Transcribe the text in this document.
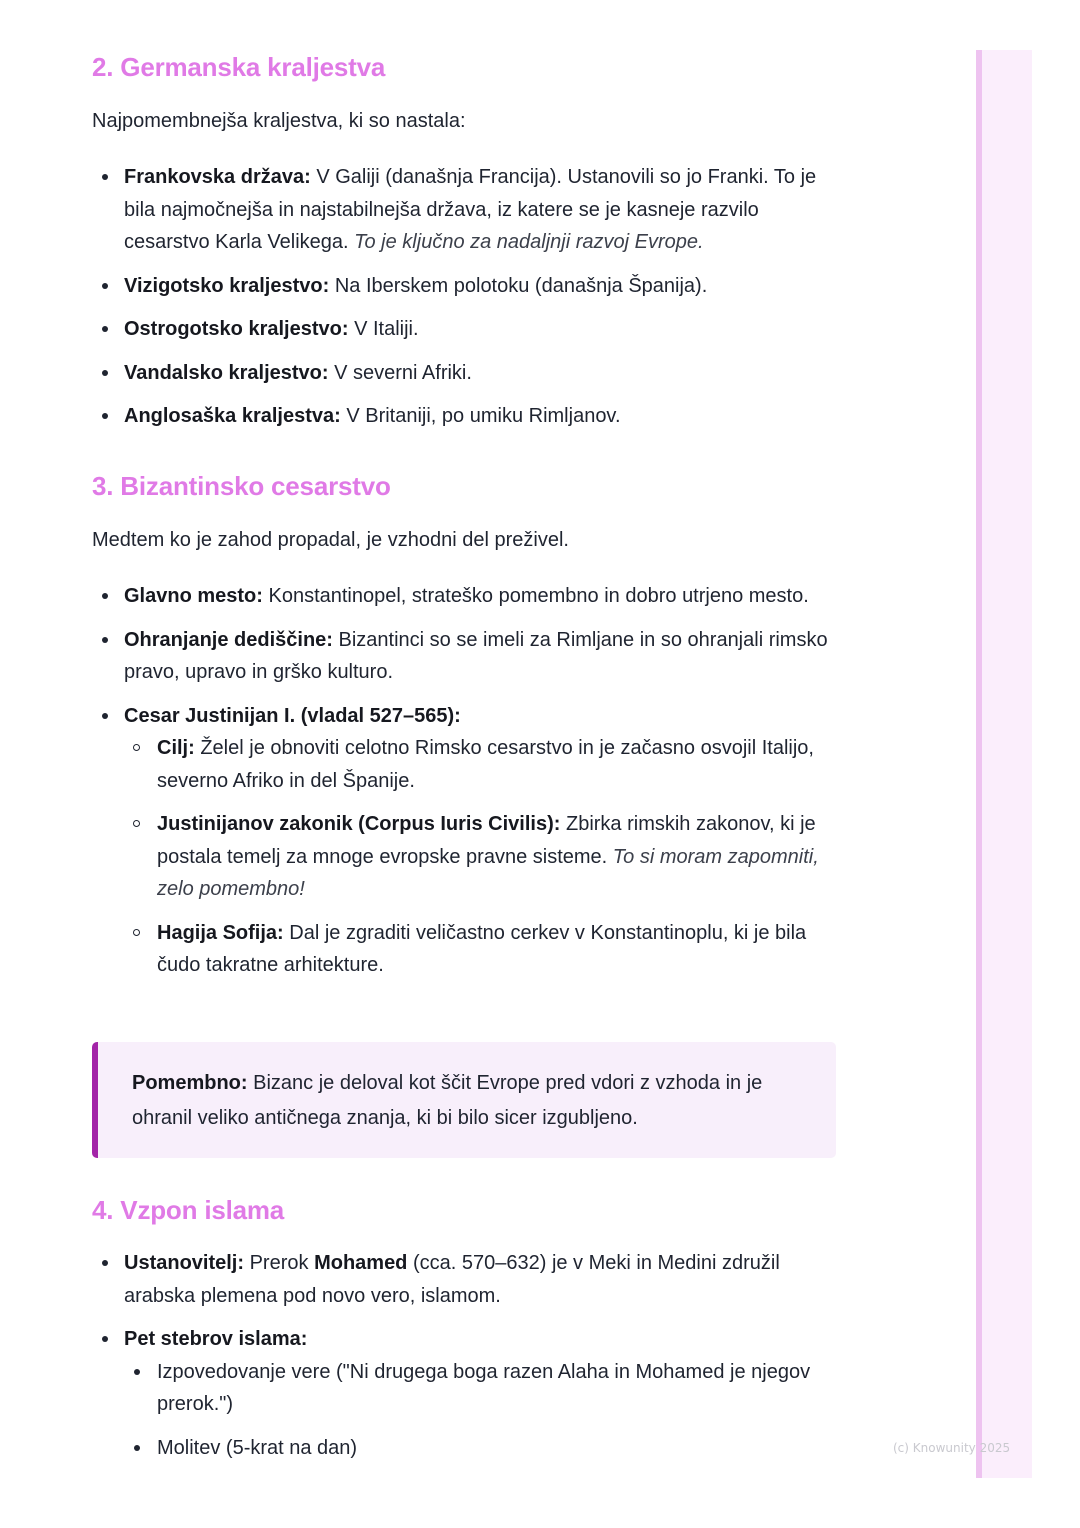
2. Germanska kraljestva

Najpomembnejša kraljestva, ki so nastala:

Frankovska država: V Galiji (današnja Francija). Ustanovili so jo Franki. To je bila najmočnejša in najstabilnejša država, iz katere se je kasneje razvilo cesarstvo Karla Velikega. To je ključno za nadaljnji razvoj Evrope.
Vizigotsko kraljestvo: Na Iberskem polotoku (današnja Španija).
Ostrogotsko kraljestvo: V Italiji.
Vandalsko kraljestvo: V severni Afriki.
Anglosaška kraljestva: V Britaniji, po umiku Rimljanov.
3. Bizantinsko cesarstvo

Medtem ko je zahod propadal, je vzhodni del preživel.

Glavno mesto: Konstantinopel, strateško pomembno in dobro utrjeno mesto.
Ohranjanje dediščine: Bizantinci so se imeli za Rimljane in so ohranjali rimsko pravo, upravo in grško kulturo.
Cesar Justinijan I. (vladal 527–565):
Cilj: Želel je obnoviti celotno Rimsko cesarstvo in je začasno osvojil Italijo, severno Afriko in del Španije.
Justinijanov zakonik (Corpus Iuris Civilis): Zbirka rimskih zakonov, ki je postala temelj za mnoge evropske pravne sisteme. To si moram zapomniti, zelo pomembno!
Hagija Sofija: Dal je zgraditi veličastno cerkev v Konstantinoplu, ki je bila čudo takratne arhitekture.
Pomembno: Bizanc je deloval kot ščit Evrope pred vdori z vzhoda in je ohranil veliko antičnega znanja, ki bi bilo sicer izgubljeno.
4. Vzpon islama
Ustanovitelj: Prerok Mohamed (cca. 570–632) je v Meki in Medini združil arabska plemena pod novo vero, islamom.
Pet stebrov islama:
Izpovedovanje vere ("Ni drugega boga razen Alaha in Mohamed je njegov prerok.")
Molitev (5-krat na dan)	(c) Knowunity 2025
